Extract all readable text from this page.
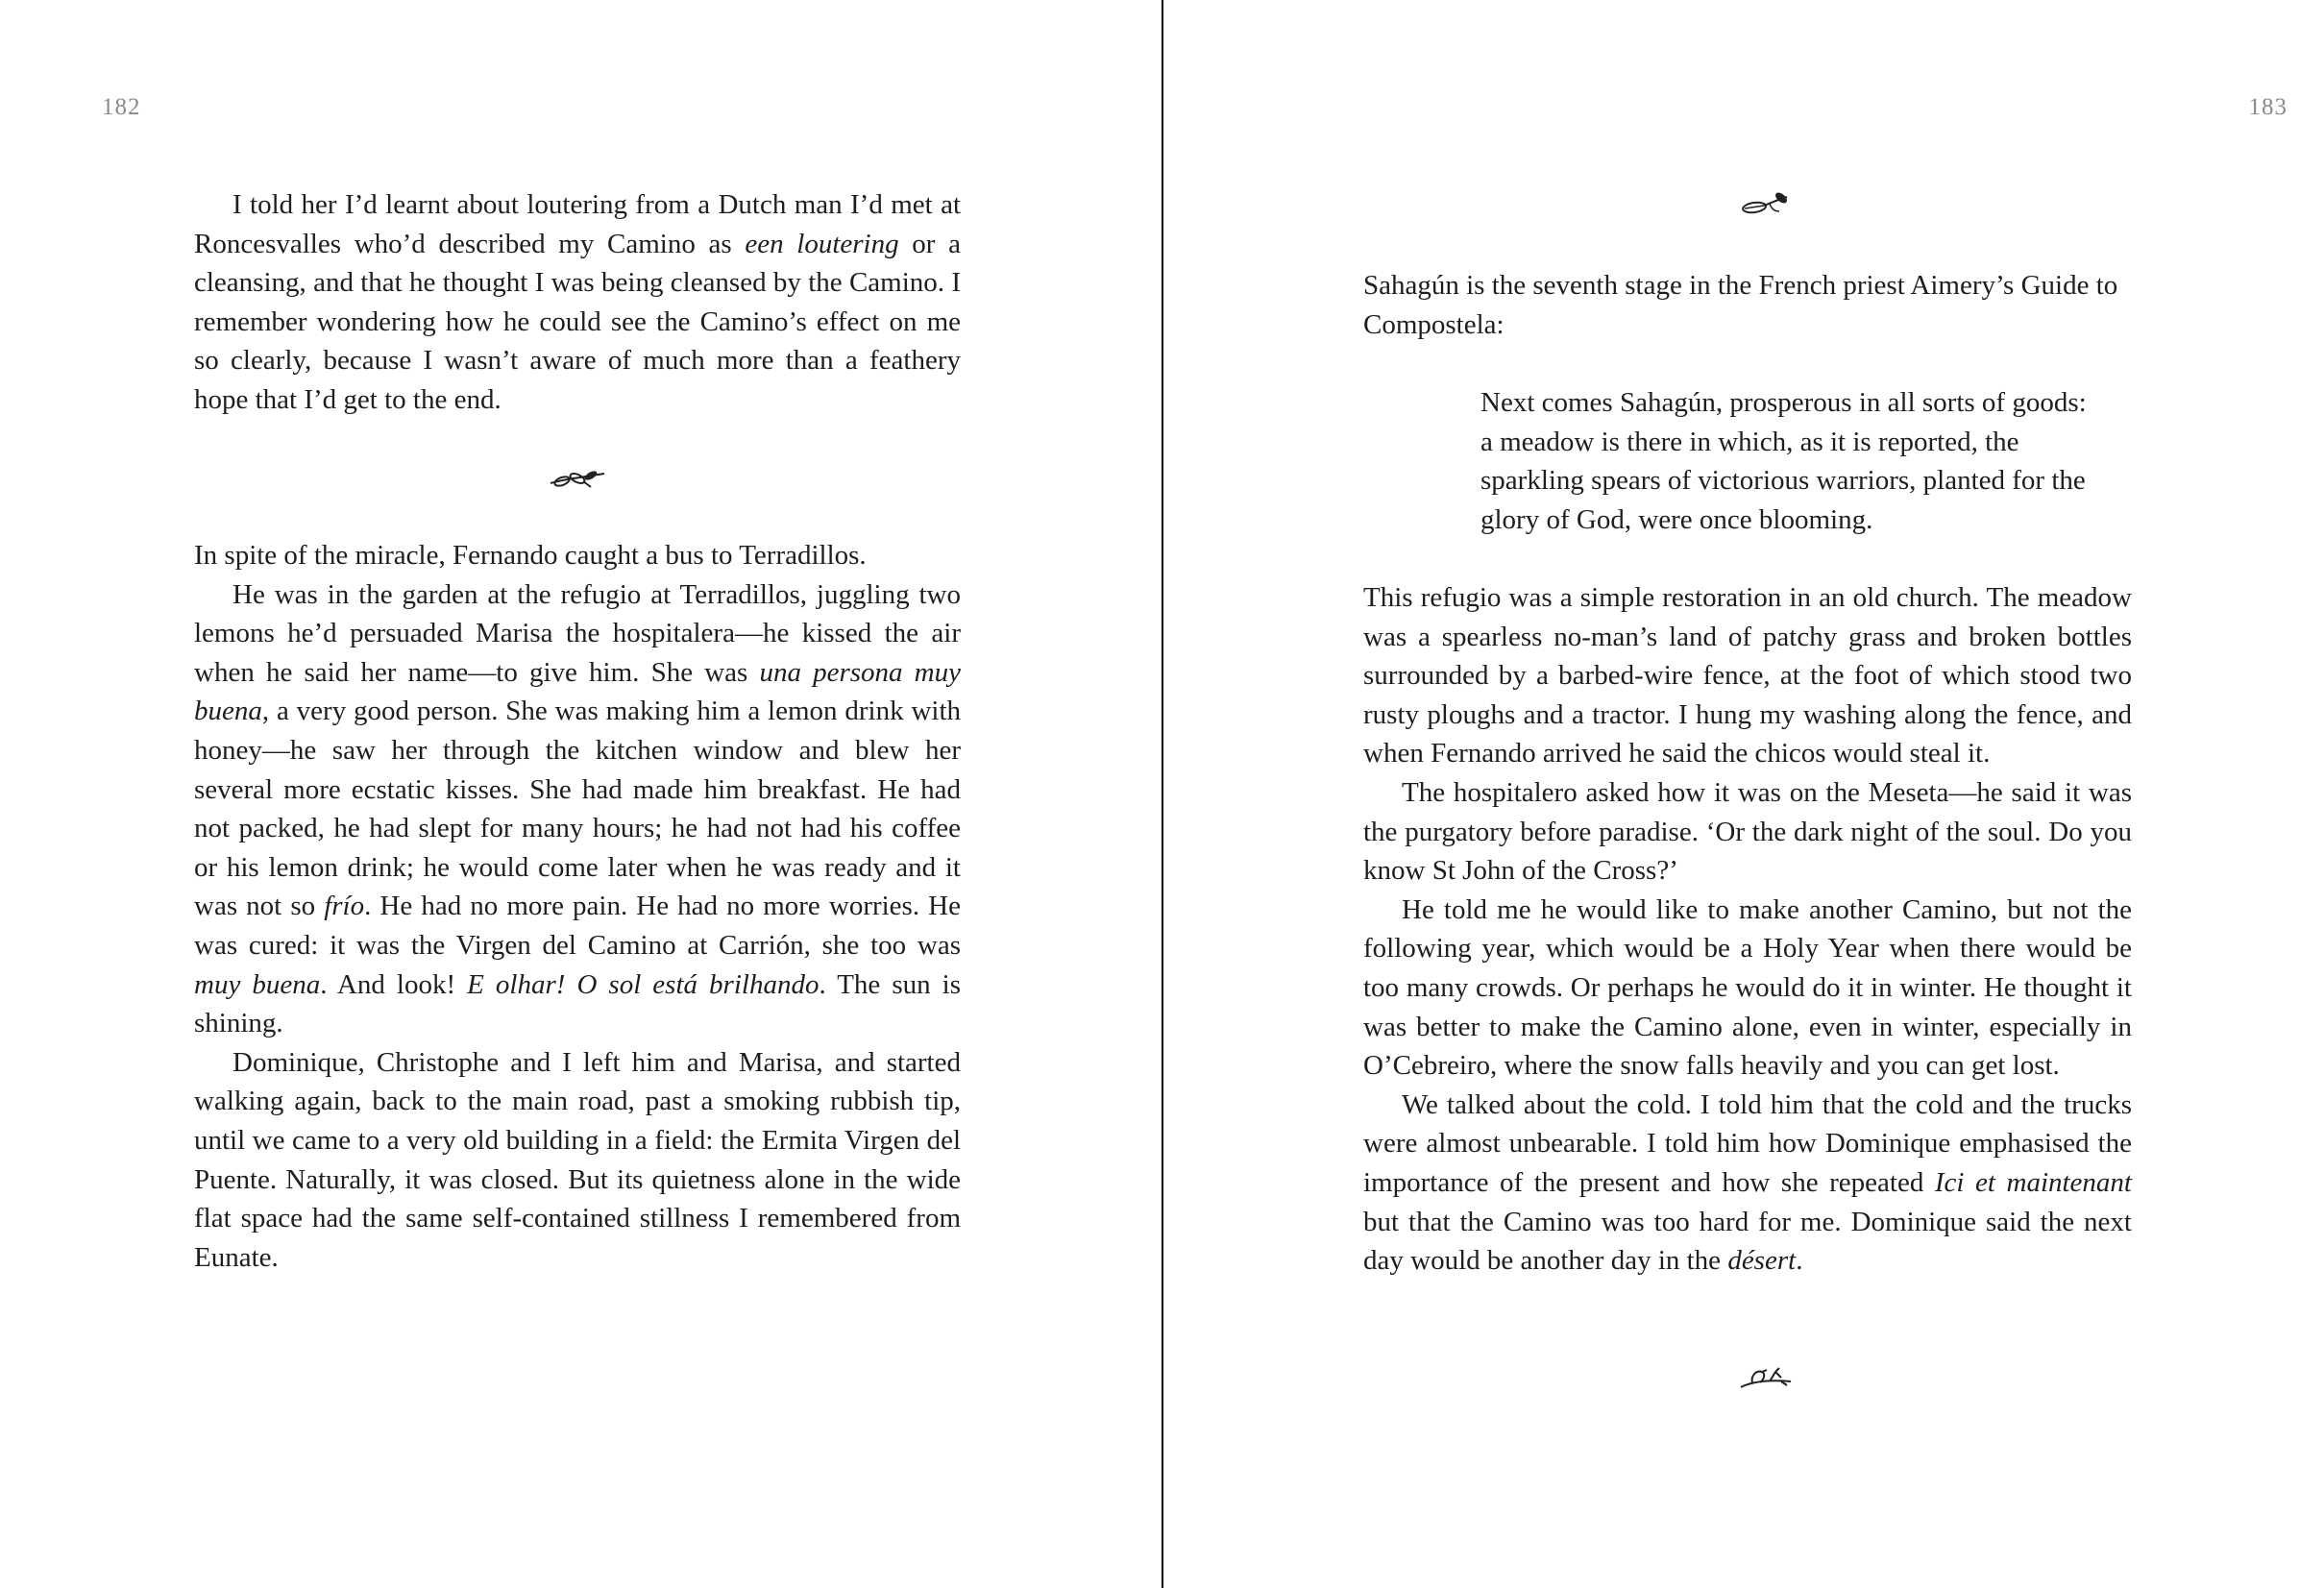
182

I told her I’d learnt about loutering from a Dutch man I’d met at Roncesvalles who’d described my Camino as een loutering or a cleansing, and that he thought I was being cleansed by the Camino. I remember wondering how he could see the Camino’s effect on me so clearly, because I wasn’t aware of much more than a feathery hope that I’d get to the end.

In spite of the miracle, Fernando caught a bus to Terradillos.

He was in the garden at the refugio at Terradillos, juggling two lemons he’d persuaded Marisa the hospitalera—he kissed the air when he said her name—to give him. She was una persona muy buena, a very good person. She was making him a lemon drink with honey—he saw her through the kitchen window and blew her several more ecstatic kisses. She had made him breakfast. He had not packed, he had slept for many hours; he had not had his coffee or his lemon drink; he would come later when he was ready and it was not so frío. He had no more pain. He had no more worries. He was cured: it was the Virgen del Camino at Carrión, she too was muy buena. And look! E olhar! O sol está brilhando. The sun is shining.

Dominique, Christophe and I left him and Marisa, and started walking again, back to the main road, past a smoking rubbish tip, until we came to a very old building in a field: the Ermita Virgen del Puente. Naturally, it was closed. But its quietness alone in the wide flat space had the same self-contained stillness I remembered from Eunate.

183

Sahagún is the seventh stage in the French priest Aimery’s Guide to Compostela:

Next comes Sahagún, prosperous in all sorts of goods:

a meadow is there in which, as it is reported, the

sparkling spears of victorious warriors, planted for the

glory of God, were once blooming.

This refugio was a simple restoration in an old church. The meadow was a spearless no-man’s land of patchy grass and broken bottles surrounded by a barbed-wire fence, at the foot of which stood two rusty ploughs and a tractor. I hung my washing along the fence, and when Fernando arrived he said the chicos would steal it.

The hospitalero asked how it was on the Meseta—he said it was the purgatory before paradise. ‘Or the dark night of the soul. Do you know St John of the Cross?’

He told me he would like to make another Camino, but not the following year, which would be a Holy Year when there would be too many crowds. Or perhaps he would do it in winter. He thought it was better to make the Camino alone, even in winter, especially in O’Cebreiro, where the snow falls heavily and you can get lost.

We talked about the cold. I told him that the cold and the trucks were almost unbearable. I told him how Dominique emphasised the importance of the present and how she repeated Ici et maintenant but that the Camino was too hard for me. Dominique said the next day would be another day in the désert.
